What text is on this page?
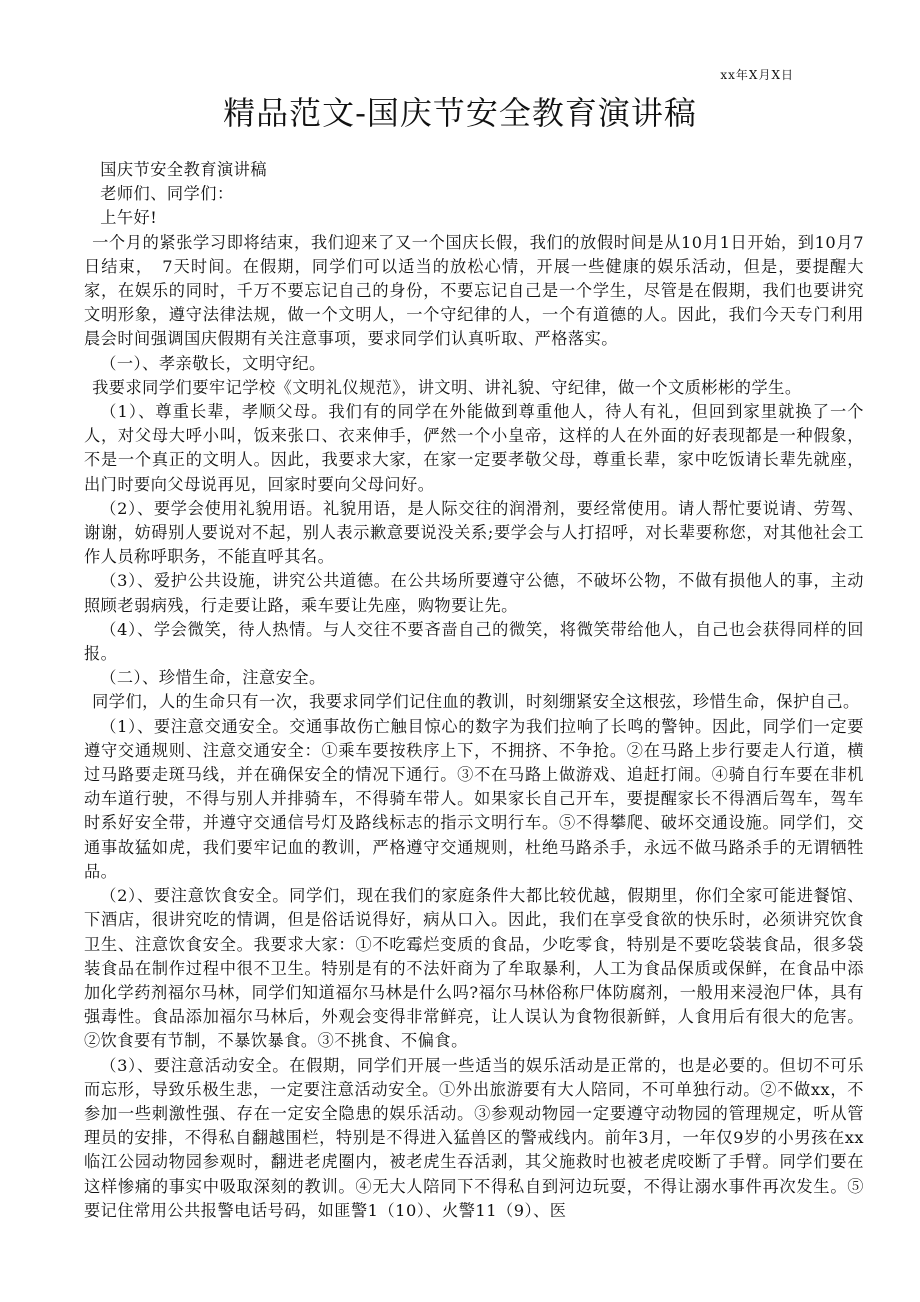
xx年X月X日
精品范文-国庆节安全教育演讲稿

国庆节安全教育演讲稿

老师们、同学们：

上午好!

一个月的紧张学习即将结束，我们迎来了又一个国庆长假，我们的放假时间是从10月1日开始，到10月7日结束，　7天时间。在假期，同学们可以适当的放松心情，开展一些健康的娱乐活动，但是，要提醒大家，在娱乐的同时，千万不要忘记自己的身份，不要忘记自己是一个学生，尽管是在假期，我们也要讲究文明形象，遵守法律法规，做一个文明人，一个守纪律的人，一个有道德的人。因此，我们今天专门利用晨会时间强调国庆假期有关注意事项，要求同学们认真听取、严格落实。

（一）、孝亲敬长，文明守纪。

我要求同学们要牢记学校《文明礼仪规范》，讲文明、讲礼貌、守纪律，做一个文质彬彬的学生。

（1）、尊重长辈，孝顺父母。我们有的同学在外能做到尊重他人，待人有礼，但回到家里就换了一个人，对父母大呼小叫，饭来张口、衣来伸手，俨然一个小皇帝，这样的人在外面的好表现都是一种假象，不是一个真正的文明人。因此，我要求大家，在家一定要孝敬父母，尊重长辈，家中吃饭请长辈先就座，出门时要向父母说再见，回家时要向父母问好。

（2）、要学会使用礼貌用语。礼貌用语，是人际交往的润滑剂，要经常使用。请人帮忙要说请、劳驾、谢谢，妨碍别人要说对不起，别人表示歉意要说没关系;要学会与人打招呼，对长辈要称您，对其他社会工作人员称呼职务，不能直呼其名。

（3）、爱护公共设施，讲究公共道德。在公共场所要遵守公德，不破坏公物，不做有损他人的事，主动照顾老弱病残，行走要让路，乘车要让先座，购物要让先。

（4）、学会微笑，待人热情。与人交往不要吝啬自己的微笑，将微笑带给他人，自己也会获得同样的回报。

（二）、珍惜生命，注意安全。

同学们，人的生命只有一次，我要求同学们记住血的教训，时刻绷紧安全这根弦，珍惜生命，保护自己。

（1）、要注意交通安全。交通事故伤亡触目惊心的数字为我们拉响了长鸣的警钟。因此，同学们一定要遵守交通规则、注意交通安全：①乘车要按秩序上下，不拥挤、不争抢。②在马路上步行要走人行道，横过马路要走斑马线，并在确保安全的情况下通行。③不在马路上做游戏、追赶打闹。④骑自行车要在非机动车道行驶，不得与别人并排骑车，不得骑车带人。如果家长自己开车，要提醒家长不得酒后驾车，驾车时系好安全带，并遵守交通信号灯及路线标志的指示文明行车。⑤不得攀爬、破坏交通设施。同学们，交通事故猛如虎，我们要牢记血的教训，严格遵守交通规则，杜绝马路杀手，永远不做马路杀手的无谓牺牲品。

（2）、要注意饮食安全。同学们，现在我们的家庭条件大都比较优越，假期里，你们全家可能进餐馆、下酒店，很讲究吃的情调，但是俗话说得好，病从口入。因此，我们在享受食欲的快乐时，必须讲究饮食卫生、注意饮食安全。我要求大家：①不吃霉烂变质的食品，少吃零食，特别是不要吃袋装食品，很多袋装食品在制作过程中很不卫生。特别是有的不法奸商为了牟取暴利，人工为食品保质或保鲜，在食品中添加化学药剂福尔马林，同学们知道福尔马林是什么吗?福尔马林俗称尸体防腐剂，一般用来浸泡尸体，具有强毒性。食品添加福尔马林后，外观会变得非常鲜亮，让人误认为食物很新鲜，人食用后有很大的危害。②饮食要有节制，不暴饮暴食。③不挑食、不偏食。

（3）、要注意活动安全。在假期，同学们开展一些适当的娱乐活动是正常的，也是必要的。但切不可乐而忘形，导致乐极生悲，一定要注意活动安全。①外出旅游要有大人陪同，不可单独行动。②不做xx，不参加一些刺激性强、存在一定安全隐患的娱乐活动。③参观动物园一定要遵守动物园的管理规定，听从管理员的安排，不得私自翻越围栏，特别是不得进入猛兽区的警戒线内。前年3月，一年仅9岁的小男孩在xx临江公园动物园参观时，翻进老虎圈内，被老虎生吞活剥，其父施救时也被老虎咬断了手臂。同学们要在这样惨痛的事实中吸取深刻的教训。④无大人陪同下不得私自到河边玩耍，不得让溺水事件再次发生。⑤要记住常用公共报警电话号码，如匪警1（10）、火警11（9）、医
